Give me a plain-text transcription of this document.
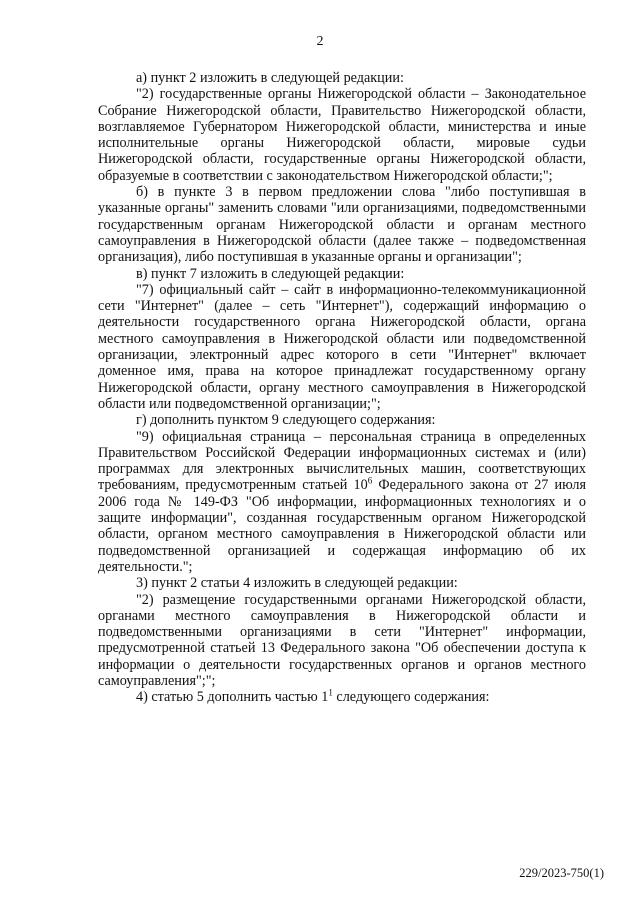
2

а) пункт 2 изложить в следующей редакции:

"2) государственные органы Нижегородской области – Законодательное Собрание Нижегородской области, Правительство Нижегородской области, возглавляемое Губернатором Нижегородской области, министерства и иные исполнительные органы Нижегородской области, мировые судьи Нижегородской области, государственные органы Нижегородской области, образуемые в соответствии с законодательством Нижегородской области;";

б) в пункте 3 в первом предложении слова "либо поступившая в указанные органы" заменить словами "или организациями, подведомственными государственным органам Нижегородской области и органам местного самоуправления в Нижегородской области (далее также – подведомственная организация), либо поступившая в указанные органы и организации";

в) пункт 7 изложить в следующей редакции:

"7) официальный сайт – сайт в информационно-телекоммуникационной сети "Интернет" (далее – сеть "Интернет"), содержащий информацию о деятельности государственного органа Нижегородской области, органа местного самоуправления в Нижегородской области или подведомственной организации, электронный адрес которого в сети "Интернет" включает доменное имя, права на которое принадлежат государственному органу Нижегородской области, органу местного самоуправления в Нижегородской области или подведомственной организации;";

г) дополнить пунктом 9 следующего содержания:

"9) официальная страница – персональная страница в определенных Правительством Российской Федерации информационных системах и (или) программах для электронных вычислительных машин, соответствующих требованиям, предусмотренным статьей $10^6$ Федерального закона от 27 июля 2006 года № 149-ФЗ "Об информации, информационных технологиях и о защите информации", созданная государственным органом Нижегородской области, органом местного самоуправления в Нижегородской области или подведомственной организацией и содержащая информацию об их деятельности.";

3) пункт 2 статьи 4 изложить в следующей редакции:

"2) размещение государственными органами Нижегородской области, органами местного самоуправления в Нижегородской области и подведомственными организациями в сети "Интернет" информации, предусмотренной статьей 13 Федерального закона "Об обеспечении доступа к информации о деятельности государственных органов и органов местного самоуправления";";

4) статью 5 дополнить частью $1^1$ следующего содержания:

229/2023-750(1)
